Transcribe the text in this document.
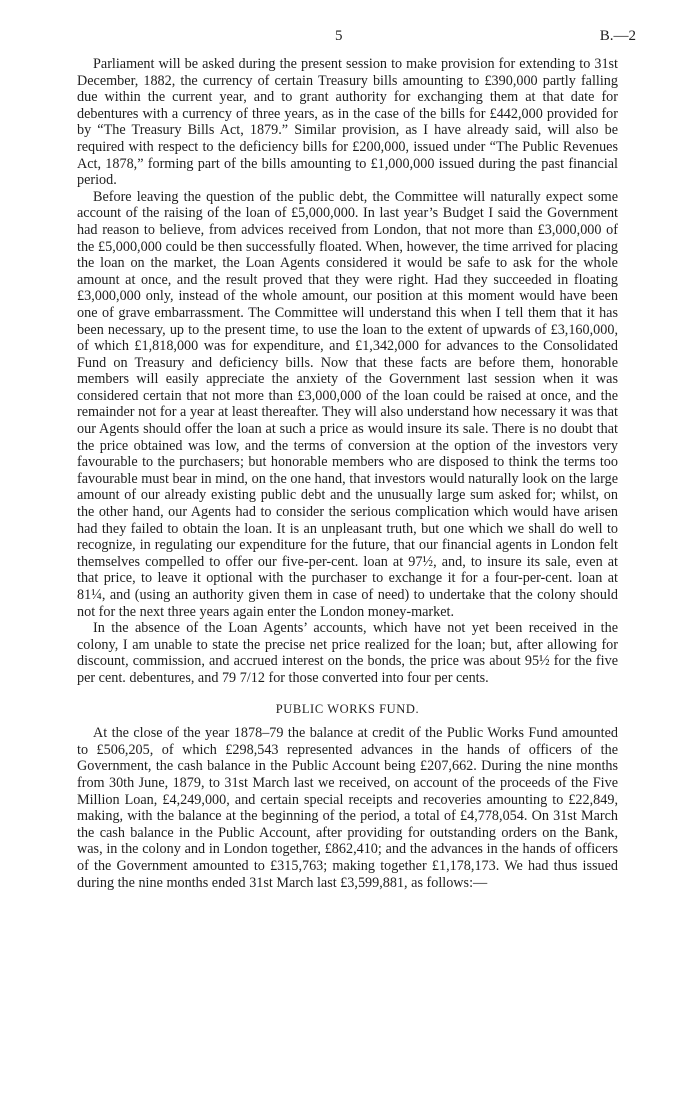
5	B.—2

Parliament will be asked during the present session to make provision for extending to 31st December, 1882, the currency of certain Treasury bills amounting to £390,000 partly falling due within the current year, and to grant authority for exchanging them at that date for debentures with a currency of three years, as in the case of the bills for £442,000 provided for by “The Treasury Bills Act, 1879.” Similar provision, as I have already said, will also be required with respect to the deficiency bills for £200,000, issued under “The Public Revenues Act, 1878,” forming part of the bills amounting to £1,000,000 issued during the past financial period.

Before leaving the question of the public debt, the Committee will naturally expect some account of the raising of the loan of £5,000,000. In last year’s Budget I said the Government had reason to believe, from advices received from London, that not more than £3,000,000 of the £5,000,000 could be then successfully floated. When, however, the time arrived for placing the loan on the market, the Loan Agents considered it would be safe to ask for the whole amount at once, and the result proved that they were right. Had they succeeded in floating £3,000,000 only, instead of the whole amount, our position at this moment would have been one of grave embarrassment. The Committee will understand this when I tell them that it has been necessary, up to the present time, to use the loan to the extent of upwards of £3,160,000, of which £1,818,000 was for expenditure, and £1,342,000 for advances to the Consolidated Fund on Treasury and deficiency bills. Now that these facts are before them, honorable members will easily appreciate the anxiety of the Government last session when it was considered certain that not more than £3,000,000 of the loan could be raised at once, and the remainder not for a year at least thereafter. They will also understand how necessary it was that our Agents should offer the loan at such a price as would insure its sale. There is no doubt that the price obtained was low, and the terms of conversion at the option of the investors very favourable to the purchasers; but honorable members who are disposed to think the terms too favourable must bear in mind, on the one hand, that investors would naturally look on the large amount of our already existing public debt and the unusually large sum asked for; whilst, on the other hand, our Agents had to consider the serious complication which would have arisen had they failed to obtain the loan. It is an unpleasant truth, but one which we shall do well to recognize, in regulating our expenditure for the future, that our financial agents in London felt themselves compelled to offer our five-per-cent. loan at 97½, and, to insure its sale, even at that price, to leave it optional with the purchaser to exchange it for a four-per-cent. loan at 81¼, and (using an authority given them in case of need) to undertake that the colony should not for the next three years again enter the London money-market.

In the absence of the Loan Agents’ accounts, which have not yet been received in the colony, I am unable to state the precise net price realized for the loan; but, after allowing for discount, commission, and accrued interest on the bonds, the price was about 95½ for the five per cent. debentures, and 79 7/12 for those converted into four per cents.

PUBLIC WORKS FUND.

At the close of the year 1878–79 the balance at credit of the Public Works Fund amounted to £506,205, of which £298,543 represented advances in the hands of officers of the Government, the cash balance in the Public Account being £207,662. During the nine months from 30th June, 1879, to 31st March last we received, on account of the proceeds of the Five Million Loan, £4,249,000, and certain special receipts and recoveries amounting to £22,849, making, with the balance at the beginning of the period, a total of £4,778,054. On 31st March the cash balance in the Public Account, after providing for outstanding orders on the Bank, was, in the colony and in London together, £862,410; and the advances in the hands of officers of the Government amounted to £315,763; making together £1,178,173. We had thus issued during the nine months ended 31st March last £3,599,881, as follows:—
